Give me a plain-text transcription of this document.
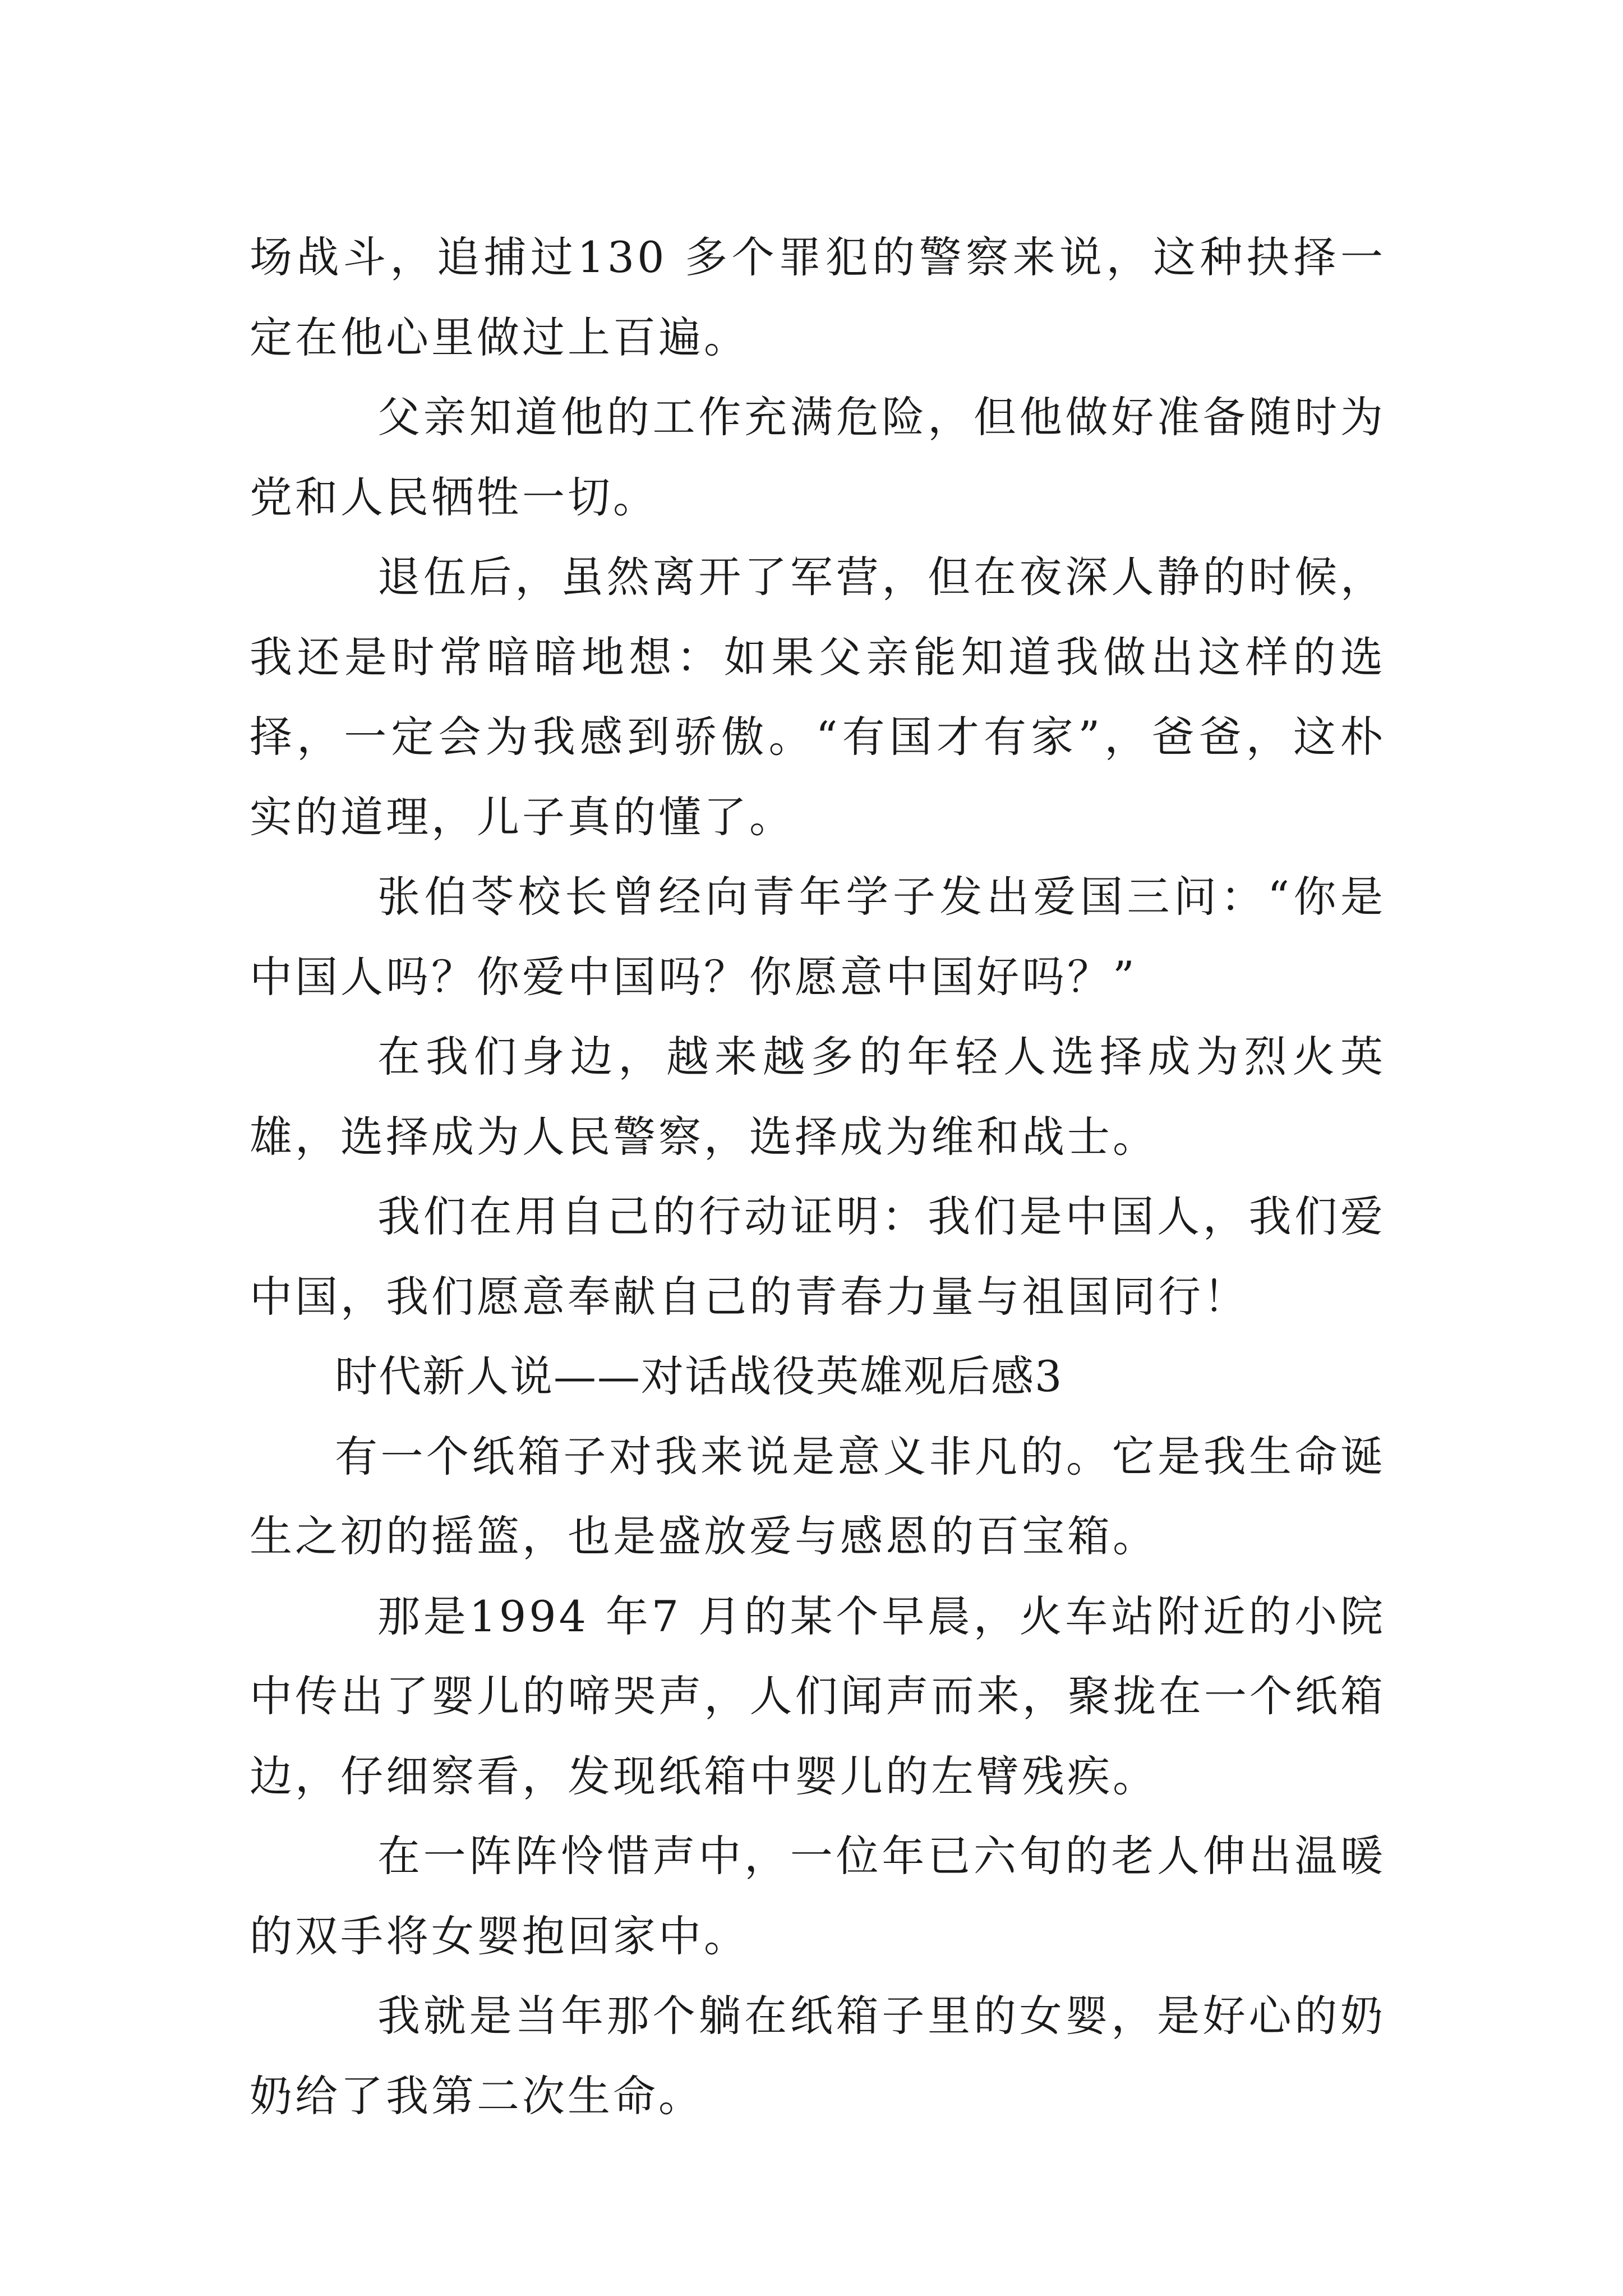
场战斗，追捕过130 多个罪犯的警察来说，这种抉择一定在他心里做过上百遍。

父亲知道他的工作充满危险，但他做好准备随时为党和人民牺牲一切。

退伍后，虽然离开了军营，但在夜深人静的时候，我还是时常暗暗地想：如果父亲能知道我做出这样的选择，一定会为我感到骄傲。“有国才有家”，爸爸，这朴实的道理，儿子真的懂了。

张伯苓校长曾经向青年学子发出爱国三问：“你是中国人吗？你爱中国吗？你愿意中国好吗？”

在我们身边，越来越多的年轻人选择成为烈火英雄，选择成为人民警察，选择成为维和战士。

我们在用自己的行动证明：我们是中国人，我们爱中国，我们愿意奉献自己的青春力量与祖国同行！

时代新人说——对话战役英雄观后感3

有一个纸箱子对我来说是意义非凡的。它是我生命诞生之初的摇篮，也是盛放爱与感恩的百宝箱。

那是1994 年7 月的某个早晨，火车站附近的小院中传出了婴儿的啼哭声，人们闻声而来，聚拢在一个纸箱边，仔细察看，发现纸箱中婴儿的左臂残疾。

在一阵阵怜惜声中，一位年已六旬的老人伸出温暖的双手将女婴抱回家中。

我就是当年那个躺在纸箱子里的女婴，是好心的奶奶给了我第二次生命。
